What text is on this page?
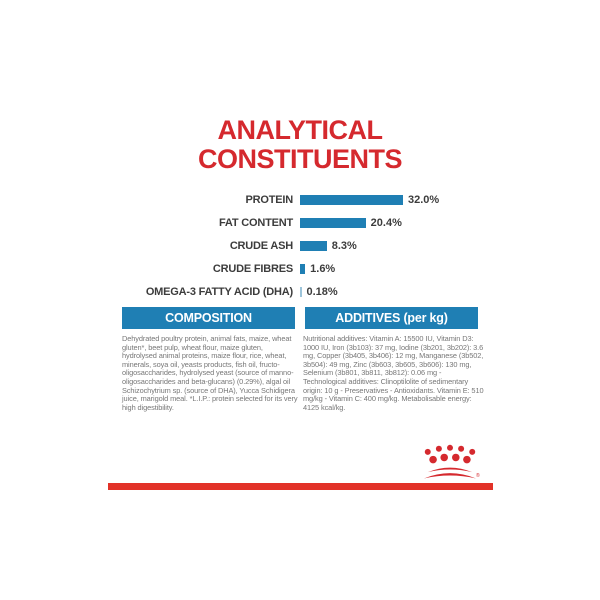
ANALYTICAL
CONSTITUENTS
PROTEIN	32.0%
FAT CONTENT	20.4%
CRUDE ASH	8.3%
CRUDE FIBRES	1.6%
OMEGA-3 FATTY ACID (DHA)	0.18%
COMPOSITION	ADDITIVES (per kg)
Dehydrated poultry protein, animal fats, maize, wheat gluten*, beet pulp, wheat flour, maize gluten, hydrolysed animal proteins, maize flour, rice, wheat, minerals, soya oil, yeasts products, fish oil, fructo-oligosaccharides, hydrolysed yeast (source of manno-oligosaccharides and beta-glucans) (0.29%), algal oil Schizochytrium sp. (source of DHA), Yucca Schidigera juice, marigold meal. *L.I.P.: protein selected for its very high digestibility.
Nutritional additives: Vitamin A: 15500 IU, Vitamin D3: 1000 IU, Iron (3b103): 37 mg, Iodine (3b201, 3b202): 3.6 mg, Copper (3b405, 3b406): 12 mg, Manganese (3b502, 3b504): 49 mg, Zinc (3b603, 3b605, 3b606): 130 mg, Selenium (3b801, 3b811, 3b812): 0.06 mg - Technological additives: Clinoptilolite of sedimentary origin: 10 g - Preservatives - Antioxidants. Vitamin E: 510 mg/kg - Vitamin C: 400 mg/kg. Metabolisable energy: 4125 kcal/kg.
®
